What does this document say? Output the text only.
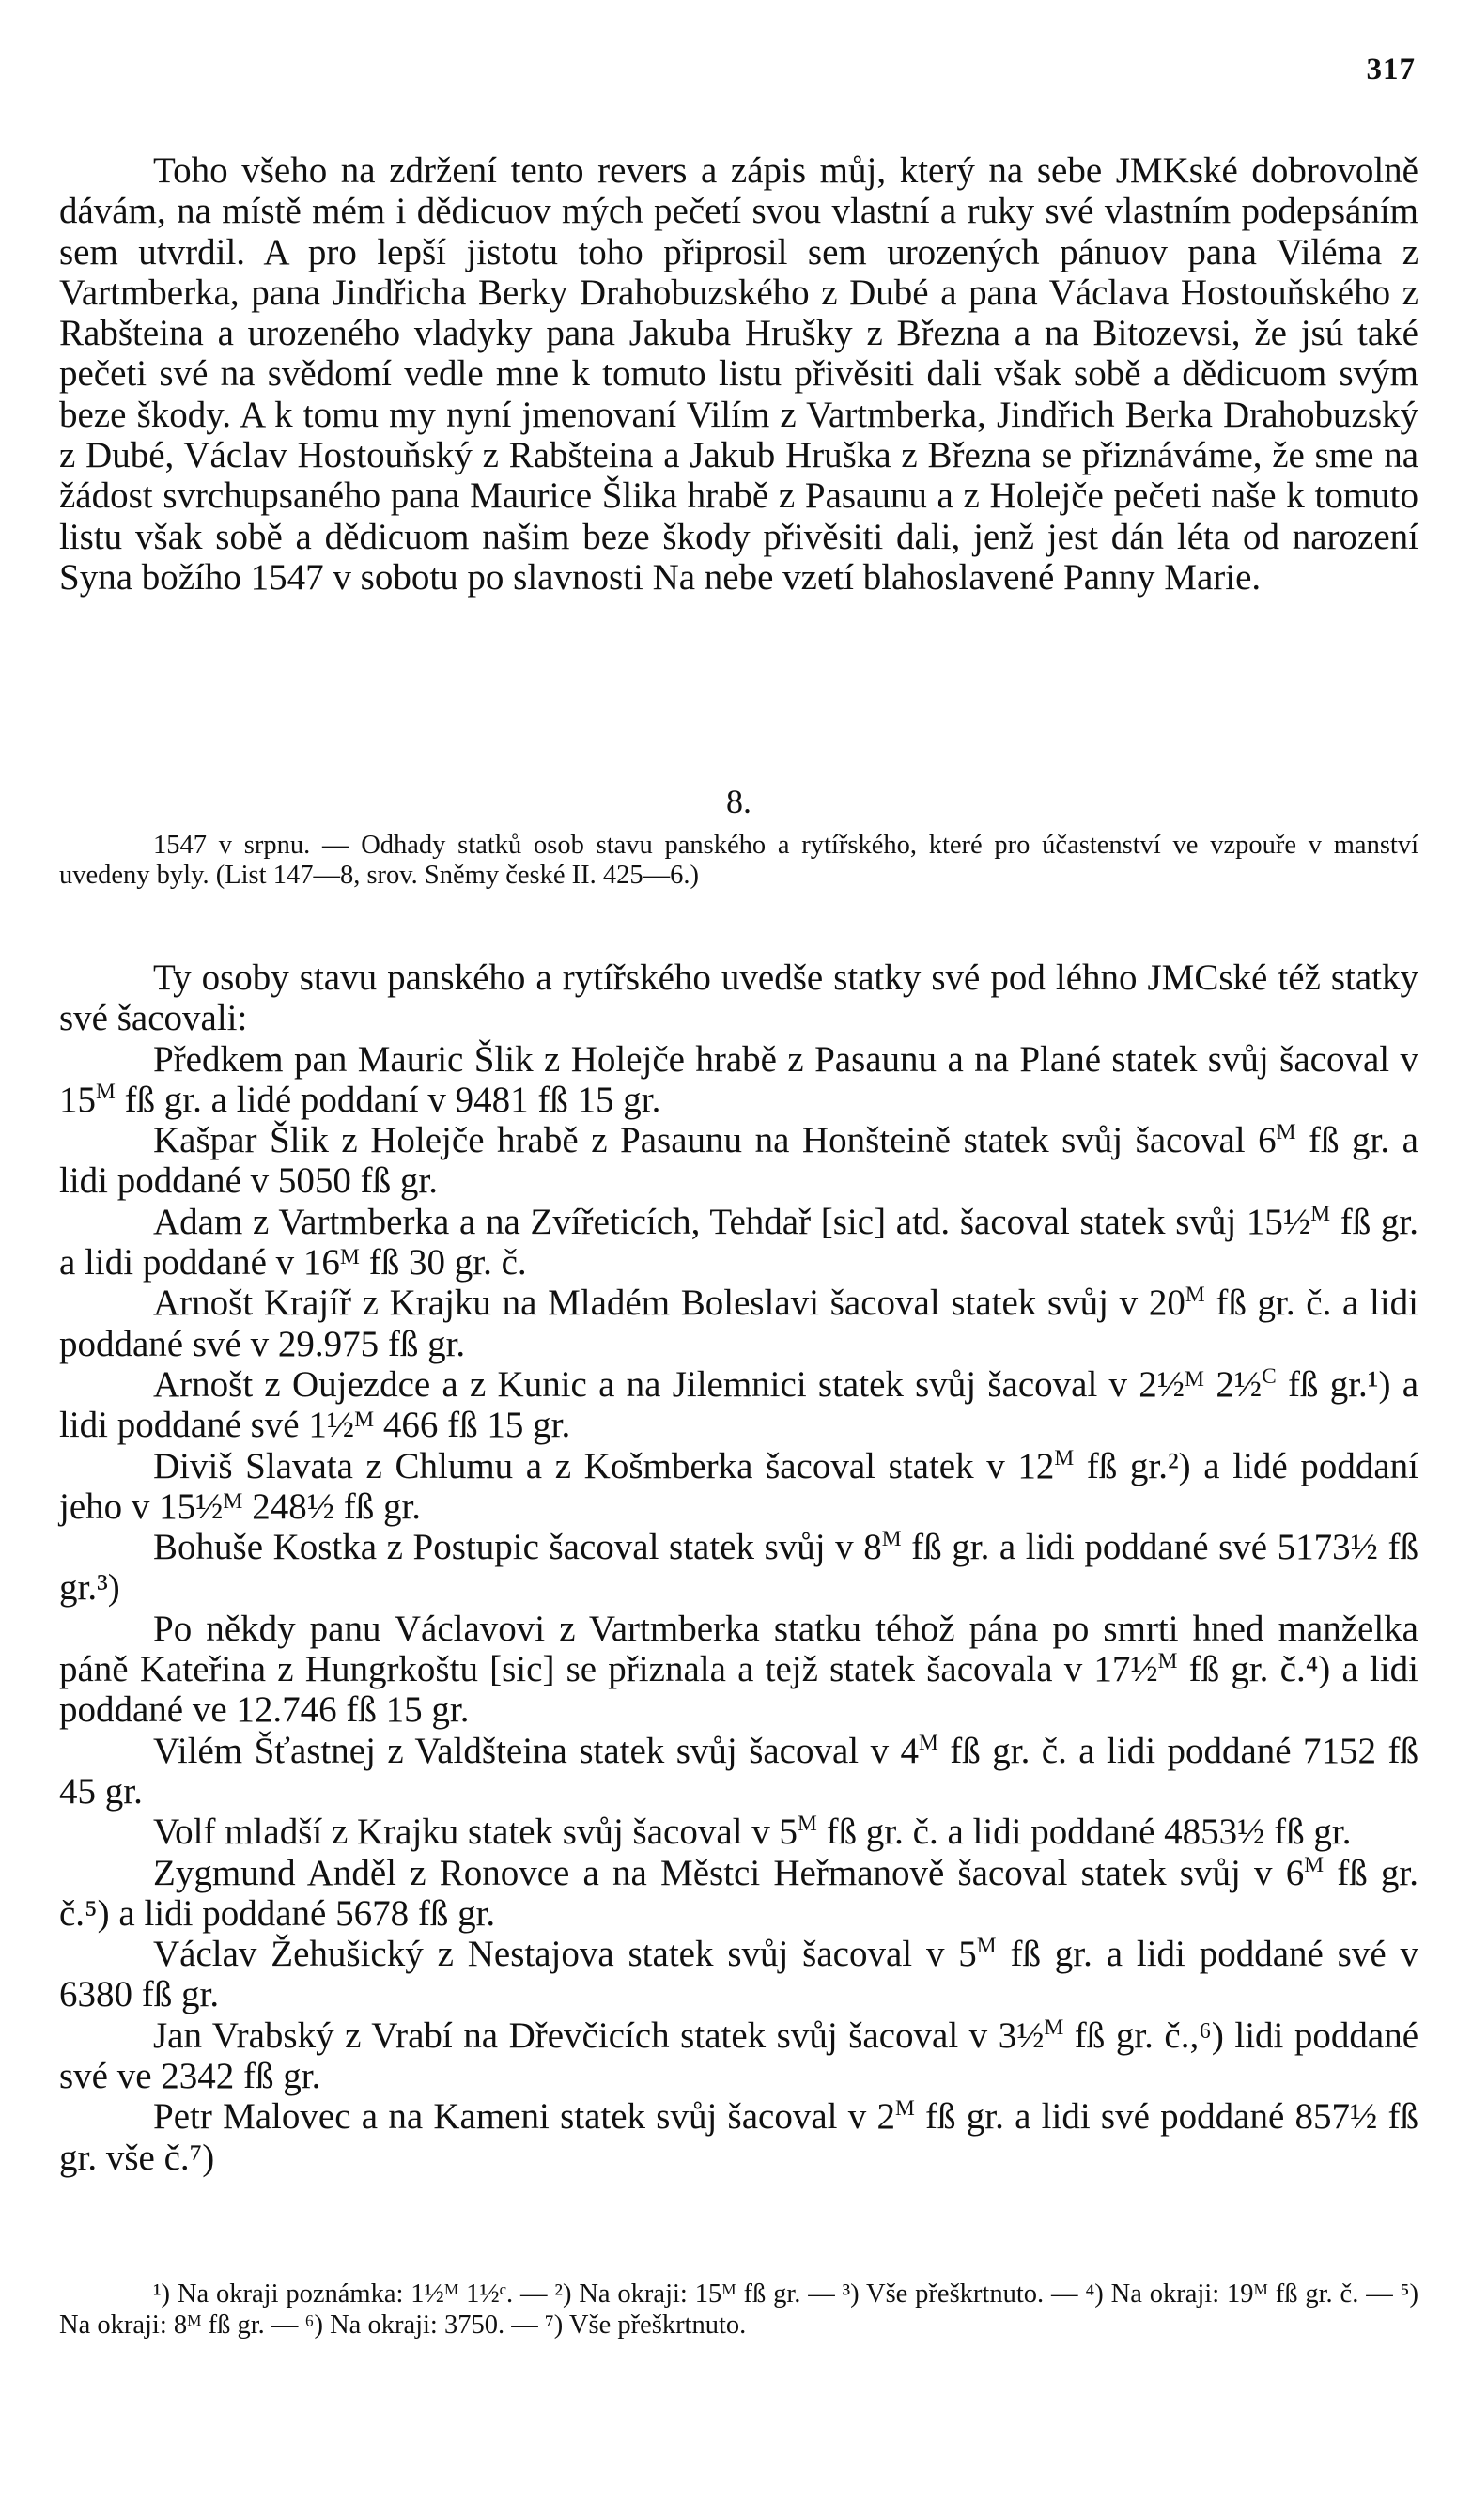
317

Toho všeho na zdržení tento revers a zápis můj, který na sebe JMKské dobrovolně dávám, na místě mém i dědicuov mých pečetí svou vlastní a ruky své vlastním podepsáním sem utvrdil. A pro lepší jistotu toho připrosil sem urozených pánuov pana Viléma z Vartmberka, pana Jindřicha Berky Drahobuzského z Dubé a pana Václava Hostouňského z Rabšteina a urozeného vladyky pana Jakuba Hrušky z Března a na Bitozevsi, že jsú také pečeti své na svědomí vedle mne k tomuto listu přivěsiti dali však sobě a dědicuom svým beze škody. A k tomu my nyní jmenovaní Vilím z Vartmberka, Jindřich Berka Drahobuzský z Dubé, Václav Hostouňský z Rabšteina a Jakub Hruška z Března se přiznáváme, že sme na žádost svrchupsaného pana Maurice Šlika hrabě z Pasaunu a z Holejče pečeti naše k tomuto listu však sobě a dědicuom našim beze škody přivěsiti dali, jenž jest dán léta od narození Syna božího 1547 v sobotu po slavnosti Na nebe vzetí blahoslavené Panny Marie.

8.

1547 v srpnu. — Odhady statků osob stavu panského a rytířského, které pro účastenství ve vzpouře v manství uvedeny byly. (List 147—8, srov. Sněmy české II. 425—6.)

Ty osoby stavu panského a rytířského uvedše statky své pod léhno JMCské též statky své šacovali:

Předkem pan Mauric Šlik z Holejče hrabě z Pasaunu a na Plané statek svůj šacoval v $15^M$ fß gr. a lidé poddaní v 9481 fß 15 gr.

Kašpar Šlik z Holejče hrabě z Pasaunu na Honšteině statek svůj šacoval $6^M$ fß gr. a lidi poddané v 5050 fß gr.

Adam z Vartmberka a na Zvířeticích, Tehdař [sic] atd. šacoval statek svůj 15½$^M$ fß gr. a lidi poddané v 16ᴹ fß 30 gr. č.

Arnošt Krajíř z Krajku na Mladém Boleslavi šacoval statek svůj v $20^M$ fß gr. č. a lidi poddané své v 29.975 fß gr.

Arnošt z Oujezdce a z Kunic a na Jilemnici statek svůj šacoval v 2½ᴹ 2½$^C$ fß gr.¹) a lidi poddané své 1½ᴹ 466 fß 15 gr.

Diviš Slavata z Chlumu a z Košmberka šacoval statek v $12^M$ fß gr.²) a lidé poddaní jeho v 15½ᴹ 248½ fß gr.

Bohuše Kostka z Postupic šacoval statek svůj v $8^M$ fß gr. a lidi poddané své 5173½ fß gr.³)

Po někdy panu Václavovi z Vartmberka statku téhož pána po smrti hned manželka páně Kateřina z Hungrkoštu [sic] se přiznala a tejž statek šacovala v 17½$^M$ fß gr. č.⁴) a lidi poddané ve 12.746 fß 15 gr.

Vilém Šťastnej z Valdšteina statek svůj šacoval v $4^M$ fß gr. č. a lidi poddané 7152 fß 45 gr.

Volf mladší z Krajku statek svůj šacoval v $5^M$ fß gr. č. a lidi poddané 4853½ fß gr.

Zygmund Anděl z Ronovce a na Městci Heřmanově šacoval statek svůj v $6^M$ fß gr. č.⁵) a lidi poddané 5678 fß gr.

Václav Žehušický z Nestajova statek svůj šacoval v $5^M$ fß gr. a lidi poddané své v 6380 fß gr.

Jan Vrabský z Vrabí na Dřevčicích statek svůj šacoval v 3½$^M$ fß gr. č.,⁶) lidi poddané své ve 2342 fß gr.

Petr Malovec a na Kameni statek svůj šacoval v $2^M$ fß gr. a lidi své poddané 857½ fß gr. vše č.⁷)

¹) Na okraji poznámka: 1½ᴹ 1½ᶜ. — ²) Na okraji: 15ᴹ fß gr. — ³) Vše přeškrtnuto. — ⁴) Na okraji: 19ᴹ fß gr. č. — ⁵) Na okraji: 8ᴹ fß gr. — ⁶) Na okraji: 3750. — ⁷) Vše přeškrtnuto.
